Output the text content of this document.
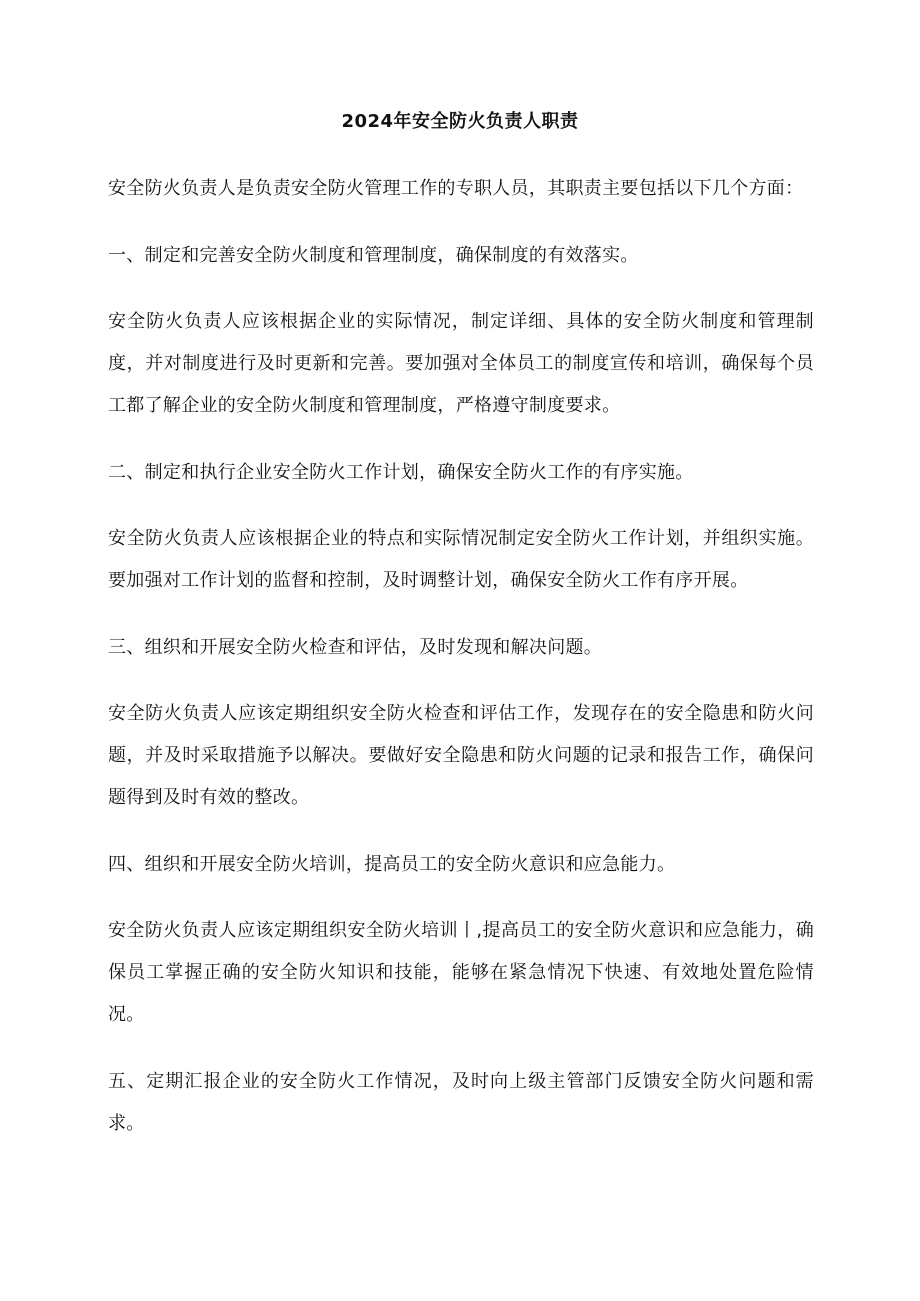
2024年安全防火负责人职责

安全防火负责人是负责安全防火管理工作的专职人员，其职责主要包括以下几个方面：

一、制定和完善安全防火制度和管理制度，确保制度的有效落实。

安全防火负责人应该根据企业的实际情况，制定详细、具体的安全防火制度和管理制度，并对制度进行及时更新和完善。要加强对全体员工的制度宣传和培训，确保每个员工都了解企业的安全防火制度和管理制度，严格遵守制度要求。

二、制定和执行企业安全防火工作计划，确保安全防火工作的有序实施。

安全防火负责人应该根据企业的特点和实际情况制定安全防火工作计划，并组织实施。要加强对工作计划的监督和控制，及时调整计划，确保安全防火工作有序开展。

三、组织和开展安全防火检查和评估，及时发现和解决问题。

安全防火负责人应该定期组织安全防火检查和评估工作，发现存在的安全隐患和防火问题，并及时采取措施予以解决。要做好安全隐患和防火问题的记录和报告工作，确保问题得到及时有效的整改。

四、组织和开展安全防火培训，提高员工的安全防火意识和应急能力。

安全防火负责人应该定期组织安全防火培训丨,提高员工的安全防火意识和应急能力，确保员工掌握正确的安全防火知识和技能，能够在紧急情况下快速、有效地处置危险情况。

五、定期汇报企业的安全防火工作情况，及时向上级主管部门反馈安全防火问题和需求。
